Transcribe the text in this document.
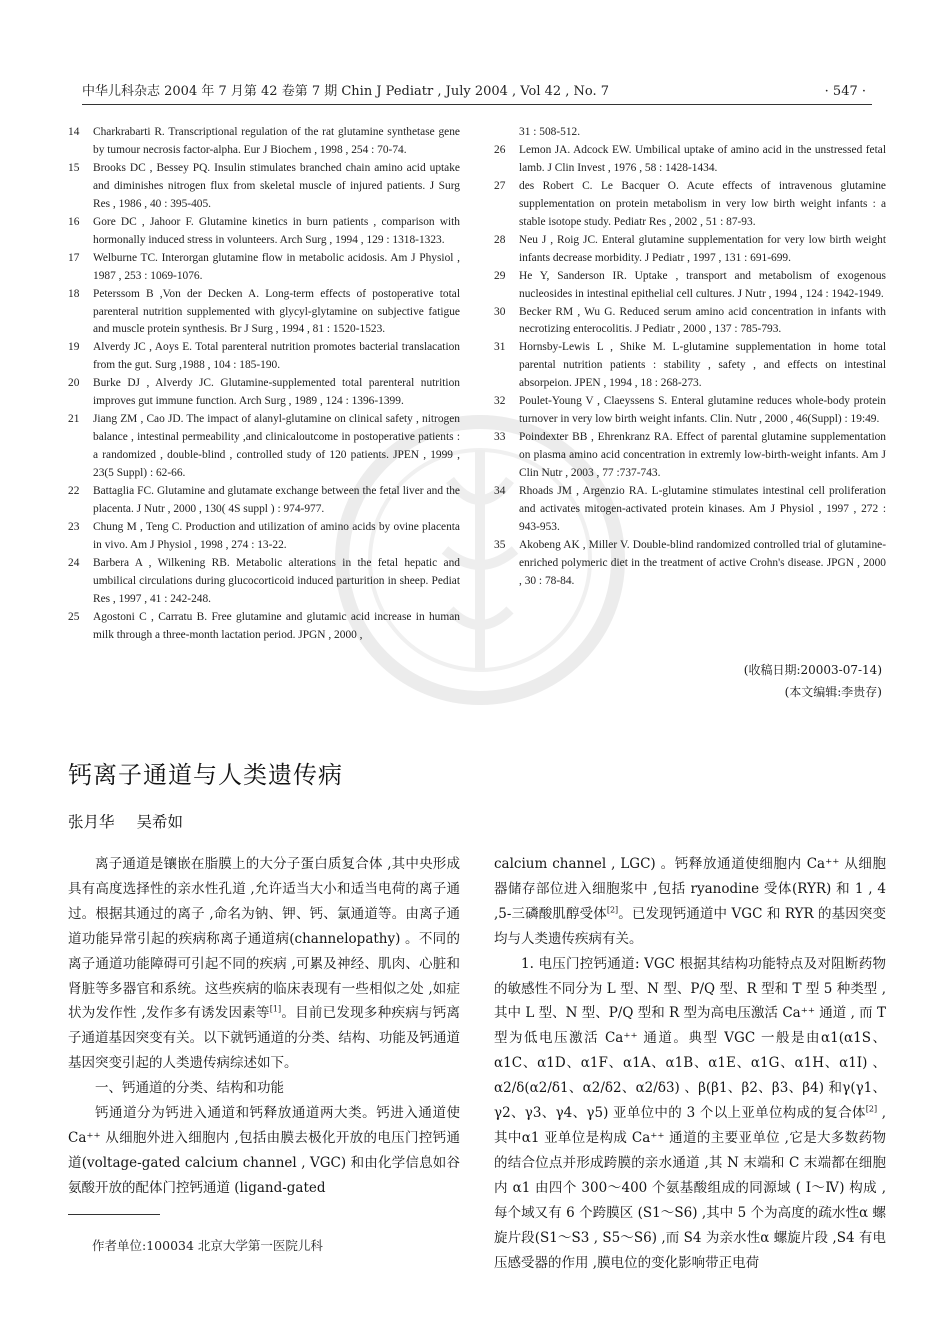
中华儿科杂志 2004 年 7 月第 42 卷第 7 期 Chin J Pediatr , July 2004 , Vol 42 , No. 7	· 547 ·
14 Charkrabarti R. Transcriptional regulation of the rat glutamine synthetase gene by tumour necrosis factor-alpha. Eur J Biochem , 1998 , 254 : 70-74.
15 Brooks DC , Bessey PQ. Insulin stimulates branched chain amino acid uptake and diminishes nitrogen flux from skeletal muscle of injured patients. J Surg Res , 1986 , 40 : 395-405.
16 Gore DC , Jahoor F. Glutamine kinetics in burn patients , comparison with hormonally induced stress in volunteers. Arch Surg , 1994 , 129 : 1318-1323.
17 Welburne TC. Interorgan glutamine flow in metabolic acidosis. Am J Physiol , 1987 , 253 : 1069-1076.
18 Peterssom B ,Von der Decken A. Long-term effects of postoperative total parenteral nutrition supplemented with glycyl-glytamine on subjective fatigue and muscle protein synthesis. Br J Surg , 1994 , 81 : 1520-1523.
19 Alverdy JC , Aoys E. Total parenteral nutrition promotes bacterial translacation from the gut. Surg ,1988 , 104 : 185-190.
20 Burke DJ , Alverdy JC. Glutamine-supplemented total parenteral nutrition improves gut immune function. Arch Surg , 1989 , 124 : 1396-1399.
21 Jiang ZM , Cao JD. The impact of alanyl-glutamine on clinical safety , nitrogen balance , intestinal permeability ,and clinicaloutcome in postoperative patients : a randomized , double-blind , controlled study of 120 patients. JPEN , 1999 , 23(5 Suppl) : 62-66.
22 Battaglia FC. Glutamine and glutamate exchange between the fetal liver and the placenta. J Nutr , 2000 , 130( 4S suppl ) : 974-977.
23 Chung M , Teng C. Production and utilization of amino acids by ovine placenta in vivo. Am J Physiol , 1998 , 274 : 13-22.
24 Barbera A , Wilkening RB. Metabolic alterations in the fetal hepatic and umbilical circulations during glucocorticoid induced parturition in sheep. Pediat Res , 1997 , 41 : 242-248.
25 Agostoni C , Carratu B. Free glutamine and glutamic acid increase in human milk through a three-month lactation period. JPGN , 2000 ,
31 : 508-512.
26 Lemon JA. Adcock EW. Umbilical uptake of amino acid in the unstressed fetal lamb. J Clin Invest , 1976 , 58 : 1428-1434.
27 des Robert C. Le Bacquer O. Acute effects of intravenous glutamine supplementation on protein metabolism in very low birth weight infants : a stable isotope study. Pediatr Res , 2002 , 51 : 87-93.
28 Neu J , Roig JC. Enteral glutamine supplementation for very low birth weight infants decrease morbidity. J Pediatr , 1997 , 131 : 691-699.
29 He Y, Sanderson IR. Uptake , transport and metabolism of exogenous nucleosides in intestinal epithelial cell cultures. J Nutr , 1994 , 124 : 1942-1949.
30 Becker RM , Wu G. Reduced serum amino acid concentration in infants with necrotizing enterocolitis. J Pediatr , 2000 , 137 : 785-793.
31 Hornsby-Lewis L , Shike M. L-glutamine supplementation in home total parental nutrition patients : stability , safety , and effects on intestinal absorpeion. JPEN , 1994 , 18 : 268-273.
32 Poulet-Young V , Claeyssens S. Enteral glutamine reduces whole-body protein turnover in very low birth weight infants. Clin. Nutr , 2000 , 46(Suppl) : 19:49.
33 Poindexter BB , Ehrenkranz RA. Effect of parental glutamine supplementation on plasma amino acid concentration in extremly low-birth-weight infants. Am J Clin Nutr , 2003 , 77 :737-743.
34 Rhoads JM , Argenzio RA. L-glutamine stimulates intestinal cell proliferation and activates mitogen-activated protein kinases. Am J Physiol , 1997 , 272 : 943-953.
35 Akobeng AK , Miller V. Double-blind randomized controlled trial of glutamine-enriched polymeric diet in the treatment of active Crohn's disease. JPGN , 2000 , 30 : 78-84.
(收稿日期:20003-07-14)
(本文编辑:李贵存)
钙离子通道与人类遗传病
张月华 吴希如

离子通道是镶嵌在脂膜上的大分子蛋白质复合体 ,其中央形成具有高度选择性的亲水性孔道 ,允许适当大小和适当电荷的离子通过。根据其通过的离子 ,命名为钠、钾、钙、氯通道等。由离子通道功能异常引起的疾病称离子通道病(channelopathy) 。不同的离子通道功能障碍可引起不同的疾病 ,可累及神经、肌肉、心脏和肾脏等多器官和系统。这些疾病的临床表现有一些相似之处 ,如症状为发作性 ,发作多有诱发因素等[1]。目前已发现多种疾病与钙离子通道基因突变有关。以下就钙通道的分类、结构、功能及钙通道基因突变引起的人类遗传病综述如下。

一、钙通道的分类、结构和功能

钙通道分为钙进入通道和钙释放通道两大类。钙进入通道使 Ca⁺⁺ 从细胞外进入细胞内 ,包括由膜去极化开放的电压门控钙通道(voltage-gated calcium channel , VGC) 和由化学信息如谷氨酸开放的配体门控钙通道 (ligand-gated

calcium channel , LGC) 。钙释放通道使细胞内 Ca⁺⁺ 从细胞器储存部位进入细胞浆中 ,包括 ryanodine 受体(RYR) 和 1 , 4 ,5-三磷酸肌醇受体[2]。已发现钙通道中 VGC 和 RYR 的基因突变均与人类遗传疾病有关。

1. 电压门控钙通道: VGC 根据其结构功能特点及对阻断药物的敏感性不同分为 L 型、N 型、P/Q 型、R 型和 T 型 5 种类型 ,其中 L 型、N 型、P/Q 型和 R 型为高电压激活 Ca⁺⁺ 通道 , 而 T 型为低电压激活 Ca⁺⁺ 通道。典型 VGC 一般是由α1(α1S、α1C、α1D、α1F、α1A、α1B、α1E、α1G、α1H、α1I) 、α2/δ(α2/δ1、α2/δ2、α2/δ3) 、β(β1、β2、β3、β4) 和γ(γ1、γ2、γ3、γ4、γ5) 亚单位中的 3 个以上亚单位构成的复合体[2] ,其中α1 亚单位是构成 Ca⁺⁺ 通道的主要亚单位 ,它是大多数药物的结合位点并形成跨膜的亲水通道 ,其 N 末端和 C 末端都在细胞内 α1 由四个 300～400 个氨基酸组成的同源域 ( Ⅰ～Ⅳ) 构成 ,每个域又有 6 个跨膜区 (S1～S6) ,其中 5 个为高度的疏水性α 螺旋片段(S1～S3 , S5～S6) ,而 S4 为亲水性α 螺旋片段 ,S4 有电压感受器的作用 ,膜电位的变化影响带正电荷

作者单位:100034 北京大学第一医院儿科
